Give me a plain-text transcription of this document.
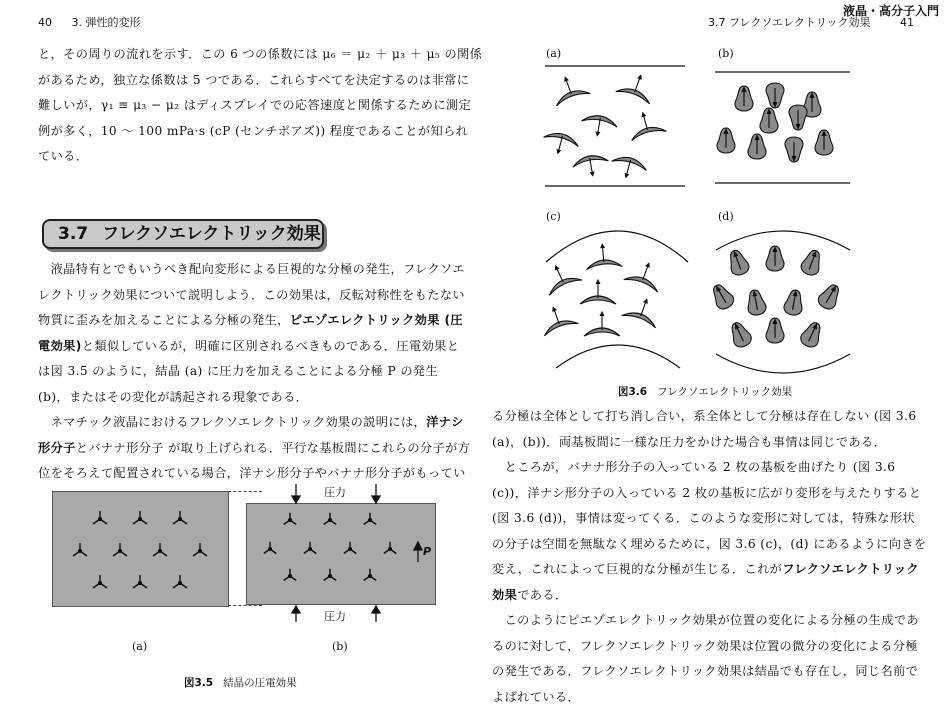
40 3. 弾性的変形
と，その周りの流れを示す．この 6 つの係数には μ₆ ＝ μ₂ ＋ μ₃ ＋ μ₅ の関係
があるため，独立な係数は 5 つである．これらすべてを決定するのは非常に
難しいが，γ₁ ≡ μ₃ − μ₂ はディスプレイでの応答速度と関係するために測定
例が多く，10 〜 100 mPa·s (cP (センチポアズ)) 程度であることが知られ
ている．
3.7 フレクソエレクトリック効果
　液晶特有とでもいうべき配向変形による巨視的な分極の発生，フレクソエ
レクトリック効果について説明しよう．この効果は，反転対称性をもたない
物質に歪みを加えることによる分極の発生，ピエゾエレクトリック効果 (圧
電効果)と類似しているが，明確に区別されるべきものである．圧電効果と
は図 3.5 のように，結晶 (a) に圧力を加えることによる分極 P の発生
(b)，またはその変化が誘起される現象である．
　ネマチック液晶におけるフレクソエレクトリック効果の説明には，洋ナシ
形分子とバナナ形分子 が取り上げられる．平行な基板間にこれらの分子が方
位をそろえて配置されている場合，洋ナシ形分子やバナナ形分子がもってい
圧力
圧力
P
(a)	(b)
図3.5 結晶の圧電効果
液晶・高分子入門
3.7 フレクソエレクトリック効果	41
(a)	(b)
(c)	(d)
図3.6 フレクソエレクトリック効果
る分極は全体として打ち消し合い，系全体として分極は存在しない (図 3.6
(a)，(b))．両基板間に一様な圧力をかけた場合も事情は同じである．
　ところが，バナナ形分子の入っている 2 枚の基板を曲げたり (図 3.6
(c))，洋ナシ形分子の入っている 2 枚の基板に広がり変形を与えたりすると
(図 3.6 (d))，事情は変ってくる．このような変形に対しては，特殊な形状
の分子は空間を無駄なく埋めるために，図 3.6 (c)，(d) にあるように向きを
変え，これによって巨視的な分極が生じる．これがフレクソエレクトリック
効果である．
　このようにピエゾエレクトリック効果が位置の変化による分極の生成であ
るのに対して，フレクソエレクトリック効果は位置の微分の変化による分極
の発生である．フレクソエレクトリック効果は結晶でも存在し，同じ名前で
よばれている．
